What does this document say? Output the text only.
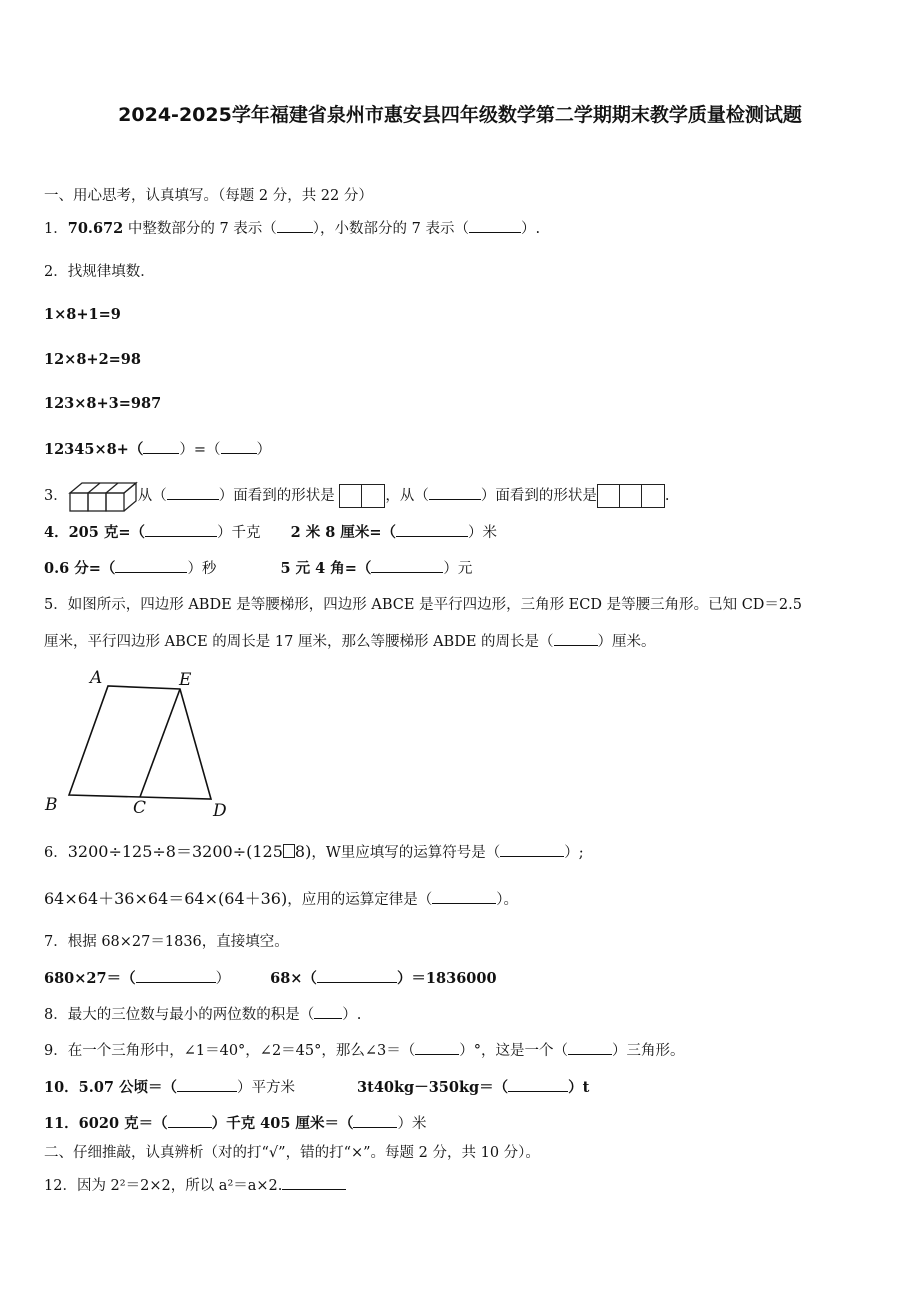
2024-2025学年福建省泉州市惠安县四年级数学第二学期期末教学质量检测试题
一、用心思考，认真填写。（每题 2 分，共 22 分）
1．70.672 中整数部分的 7 表示（ ），小数部分的 7 表示（	）.
2．找规律填数．
1×8+1=9
12×8+2=98
123×8+3=987
12345×8+（ ）=（ ）
3．	从（	）面看到的形状是	，从（	）面看到的形状是	.
4．205 克=（	）千克 2 米 8 厘米=（	）米
0.6 分=（	）秒	5 元 4 角=（	）元
5．如图所示，四边形 ABDE 是等腰梯形，四边形 ABCE 是平行四边形，三角形 ECD 是等腰三角形。已知 CD＝2.5
厘米，平行四边形 ABCE 的周长是 17 厘米，那么等腰梯形 ABDE 的周长是（	）厘米。
A	E
B	C	D
6．3200÷125÷8＝3200÷(125 8)，W里应填写的运算符号是（	）;
64×64＋36×64＝64×(64＋36)，应用的运算定律是（	）。
7．根据 68×27＝1836，直接填空。
680×27＝（	）	68×（	）＝1836000
8．最大的三位数与最小的两位数的积是（ ）.
9．在一个三角形中，∠1＝40°，∠2＝45°，那么∠3＝（	）°，这是一个（	）三角形。
10．5.07 公顷＝（	）平方米	3t40kg－350kg＝（	）t
11．6020 克＝（	）千克 405 厘米＝（	）米
二、仔细推敲，认真辨析（对的打“√”，错的打“×”。每题 2 分，共 10 分）。
12．因为 2²＝2×2，所以 a²＝a×2.
